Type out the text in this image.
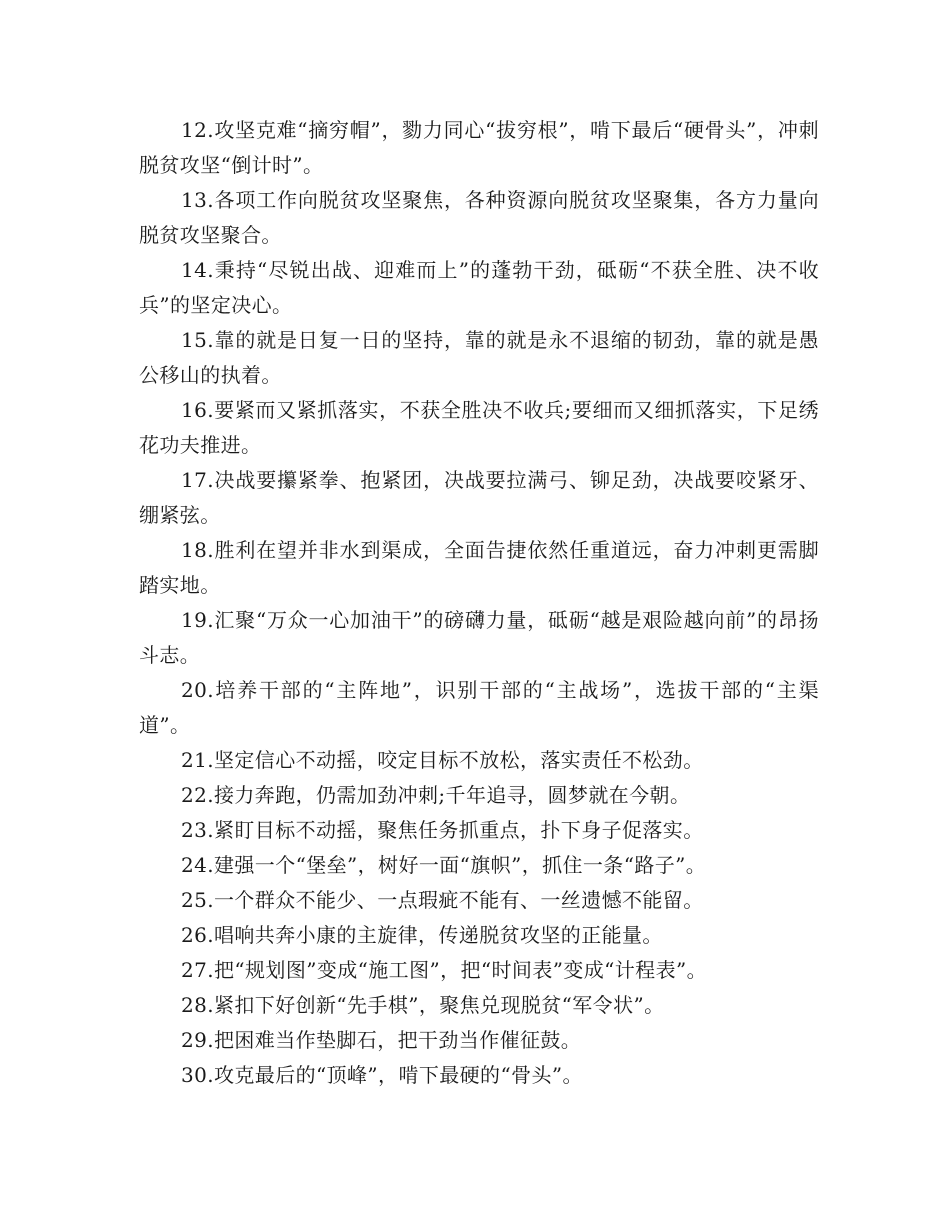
12.攻坚克难“摘穷帽”，勠力同心“拔穷根”，啃下最后“硬骨头”，冲刺脱贫攻坚“倒计时”。

13.各项工作向脱贫攻坚聚焦，各种资源向脱贫攻坚聚集，各方力量向脱贫攻坚聚合。

14.秉持“尽锐出战、迎难而上”的蓬勃干劲，砥砺“不获全胜、决不收兵”的坚定决心。

15.靠的就是日复一日的坚持，靠的就是永不退缩的韧劲，靠的就是愚公移山的执着。

16.要紧而又紧抓落实，不获全胜决不收兵;要细而又细抓落实，下足绣花功夫推进。

17.决战要攥紧拳、抱紧团，决战要拉满弓、铆足劲，决战要咬紧牙、绷紧弦。

18.胜利在望并非水到渠成，全面告捷依然任重道远，奋力冲刺更需脚踏实地。

19.汇聚“万众一心加油干”的磅礴力量，砥砺“越是艰险越向前”的昂扬斗志。

20.培养干部的“主阵地”，识别干部的“主战场”，选拔干部的“主渠道”。

21.坚定信心不动摇，咬定目标不放松，落实责任不松劲。

22.接力奔跑，仍需加劲冲刺;千年追寻，圆梦就在今朝。

23.紧盯目标不动摇，聚焦任务抓重点，扑下身子促落实。

24.建强一个“堡垒”，树好一面“旗帜”，抓住一条“路子”。

25.一个群众不能少、一点瑕疵不能有、一丝遗憾不能留。

26.唱响共奔小康的主旋律，传递脱贫攻坚的正能量。

27.把“规划图”变成“施工图”，把“时间表”变成“计程表”。

28.紧扣下好创新“先手棋”，聚焦兑现脱贫“军令状”。

29.把困难当作垫脚石，把干劲当作催征鼓。

30.攻克最后的“顶峰”，啃下最硬的“骨头”。
